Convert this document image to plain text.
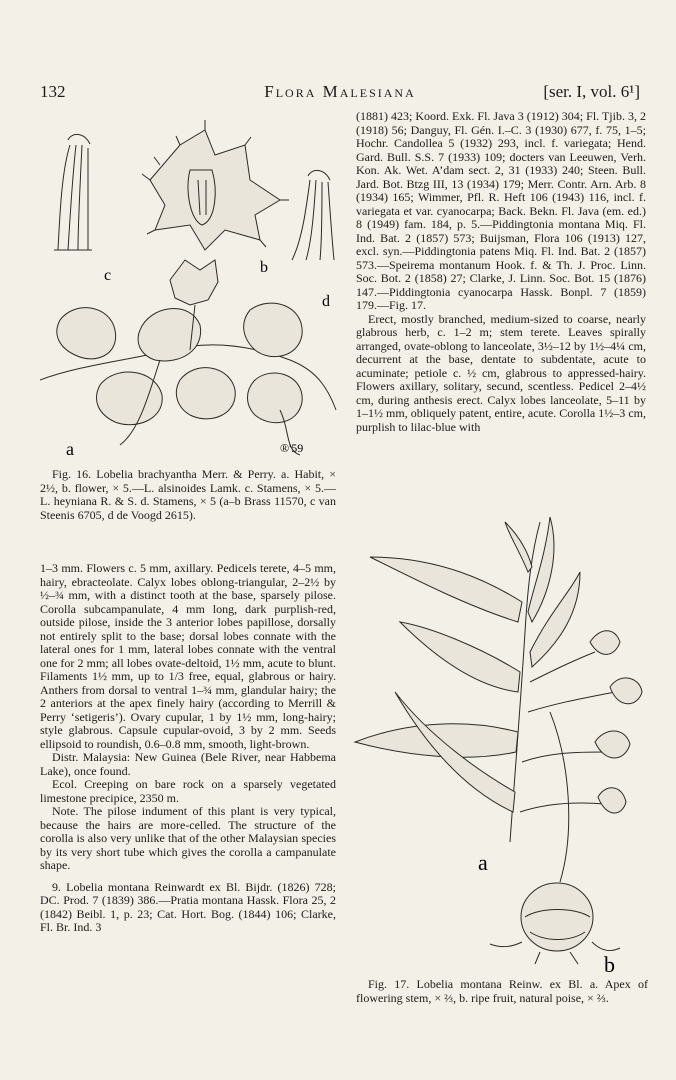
132	Flora Malesiana	[ser. I, vol. 6¹]
c	b
d
a	®'59

Fig. 16. Lobelia brachyantha Merr. & Perry. a. Habit, × 2½, b. flower, × 5.—L. alsinoides Lamk. c. Stamens, × 5.—L. heyniana R. & S. d. Stamens, × 5 (a–b Brass 11570, c van Steenis 6705, d de Voogd 2615).

1–3 mm. Flowers c. 5 mm, axillary. Pedicels terete, 4–5 mm, hairy, ebracteolate. Calyx lobes oblong-triangular, 2–2½ by ½–¾ mm, with a distinct tooth at the base, sparsely pilose. Corolla subcampanulate, 4 mm long, dark purplish-red, outside pilose, inside the 3 anterior lobes papillose, dorsally not entirely split to the base; dorsal lobes connate with the lateral ones for 1 mm, lateral lobes connate with the ventral one for 2 mm; all lobes ovate-deltoid, 1½ mm, acute to blunt. Filaments 1½ mm, up to 1/3 free, equal, glabrous or hairy. Anthers from dorsal to ventral 1–¾ mm, glandular hairy; the 2 anteriors at the apex finely hairy (according to Merrill & Perry ‘setigeris’). Ovary cupular, 1 by 1½ mm, long-hairy; style glabrous. Capsule cupular-ovoid, 3 by 2 mm. Seeds ellipsoid to roundish, 0.6–0.8 mm, smooth, light-brown.

Distr. Malaysia: New Guinea (Bele River, near Habbema Lake), once found.

Ecol. Creeping on bare rock on a sparsely vegetated limestone precipice, 2350 m.

Note. The pilose indument of this plant is very typical, because the hairs are more-celled. The structure of the corolla is also very unlike that of the other Malaysian species by its very short tube which gives the corolla a campanulate shape.

9. Lobelia montana Reinwardt ex Bl. Bijdr. (1826) 728; DC. Prod. 7 (1839) 386.—Pratia montana Hassk. Flora 25, 2 (1842) Beibl. 1, p. 23; Cat. Hort. Bog. (1844) 106; Clarke, Fl. Br. Ind. 3

(1881) 423; Koord. Exk. Fl. Java 3 (1912) 304; Fl. Tjib. 3, 2 (1918) 56; Danguy, Fl. Gén. I.–C. 3 (1930) 677, f. 75, 1–5; Hochr. Candollea 5 (1932) 293, incl. f. variegata; Hend. Gard. Bull. S.S. 7 (1933) 109; docters van Leeuwen, Verh. Kon. Ak. Wet. A’dam sect. 2, 31 (1933) 240; Steen. Bull. Jard. Bot. Btzg III, 13 (1934) 179; Merr. Contr. Arn. Arb. 8 (1934) 165; Wimmer, Pfl. R. Heft 106 (1943) 116, incl. f. variegata et var. cyanocarpa; Back. Bekn. Fl. Java (em. ed.) 8 (1949) fam. 184, p. 5.—Piddingtonia montana Miq. Fl. Ind. Bat. 2 (1857) 573; Buijsman, Flora 106 (1913) 127, excl. syn.—Piddingtonia patens Miq. Fl. Ind. Bat. 2 (1857) 573.—Speirema montanum Hook. f. & Th. J. Proc. Linn. Soc. Bot. 2 (1858) 27; Clarke, J. Linn. Soc. Bot. 15 (1876) 147.—Piddingtonia cyanocarpa Hassk. Bonpl. 7 (1859) 179.—Fig. 17.

Erect, mostly branched, medium-sized to coarse, nearly glabrous herb, c. 1–2 m; stem terete. Leaves spirally arranged, ovate-oblong to lanceolate, 3½–12 by 1½–4¼ cm, decurrent at the base, dentate to subdentate, acute to acuminate; petiole c. ½ cm, glabrous to appressed-hairy. Flowers axillary, solitary, secund, scentless. Pedicel 2–4½ cm, during anthesis erect. Calyx lobes lanceolate, 5–11 by 1–1½ mm, obliquely patent, entire, acute. Corolla 1½–3 cm, purplish to lilac-blue with

a
b

Fig. 17. Lobelia montana Reinw. ex Bl. a. Apex of flowering stem, × ⅔, b. ripe fruit, natural poise, × ⅔.
